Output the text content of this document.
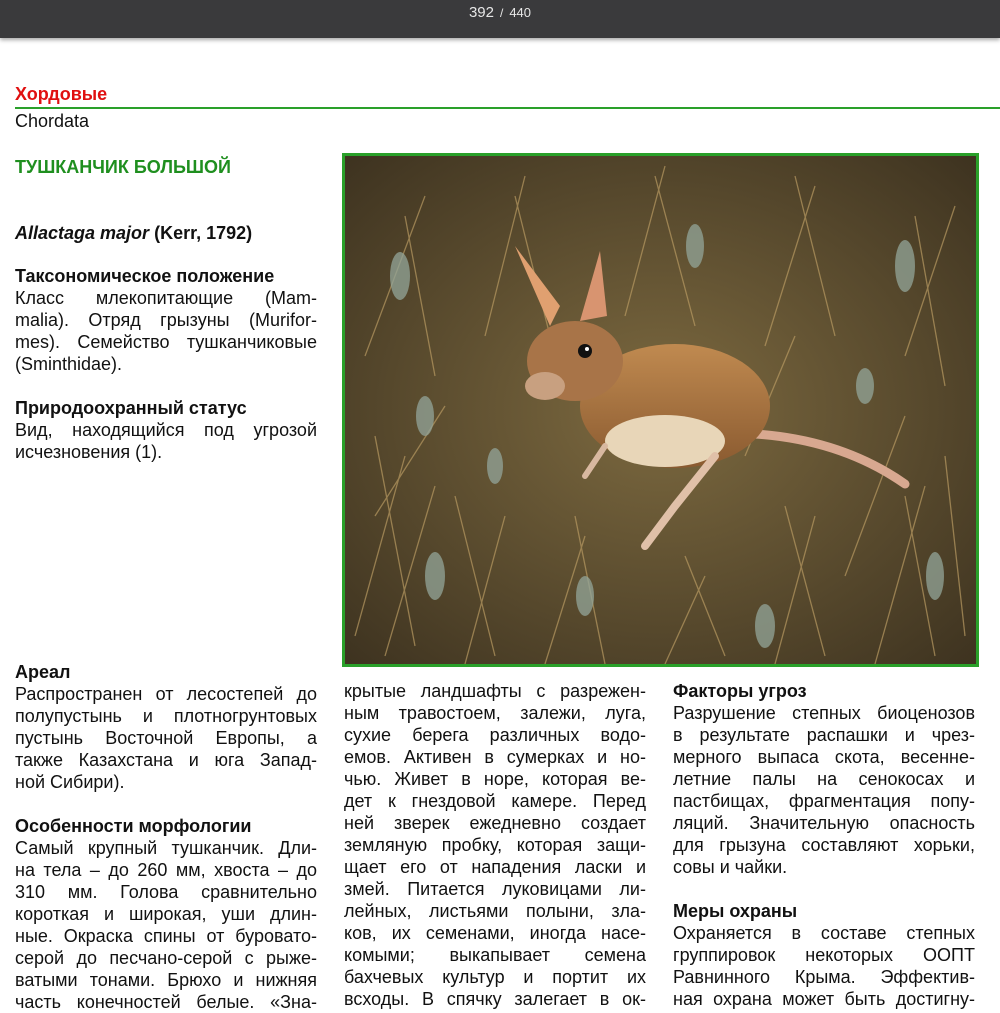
392 / 440
Хордовые
Chordata
ТУШКАНЧИК БОЛЬШОЙ
Allactaga major (Kerr, 1792)
Таксономическое положение
Класс млекопитающие (Mam-
malia). Отряд грызуны (Murifor-
mes). Семейство тушканчиковые
(Sminthidae).
Природоохранный статус
Вид, находящийся под угрозой
исчезновения (1).
Ареал
Распространен от лесостепей до
полупустынь и плотногрунтовых
пустынь Восточной Европы, а
также Казахстана и юга Запад-
ной Сибири).
Особенности морфологии
Самый крупный тушканчик. Дли-
на тела – до 260 мм, хвоста – до
310 мм. Голова сравнительно
короткая и широкая, уши длин-
ные. Окраска спины от буровато-
серой до песчано-серой с рыже-
ватыми тонами. Брюхо и нижняя
часть конечностей белые. «Зна-
крытые ландшафты с разрежен-
ным травостоем, залежи, луга,
сухие берега различных водо-
емов. Активен в сумерках и но-
чью. Живет в норе, которая ве-
дет к гнездовой камере. Перед
ней зверек ежедневно создает
земляную пробку, которая защи-
щает его от нападения ласки и
змей. Питается луковицами ли-
лейных, листьями полыни, зла-
ков, их семенами, иногда насе-
комыми; выкапывает семена
бахчевых культур и портит их
всходы. В спячку залегает в ок-
Факторы угроз
Разрушение степных биоценозов
в результате распашки и чрез-
мерного выпаса скота, весенне-
летние палы на сенокосах и
пастбищах, фрагментация попу-
ляций. Значительную опасность
для грызуна составляют хорьки,
совы и чайки.
Меры охраны
Охраняется в составе степных
группировок некоторых ООПТ
Равнинного Крыма. Эффектив-
ная охрана может быть достигну-
